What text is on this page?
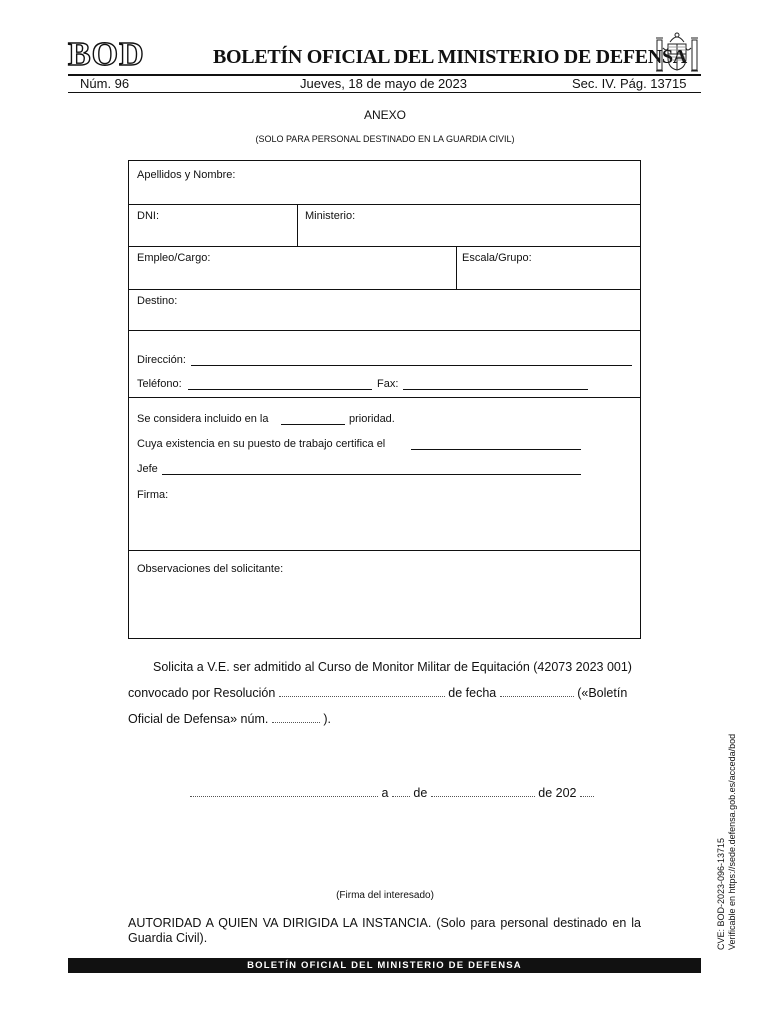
BOD	BOLETÍN OFICIAL DEL MINISTERIO DE DEFENSA
Núm. 96	Jueves, 18 de mayo de 2023	Sec. IV. Pág. 13715
ANEXO
(SOLO PARA PERSONAL DESTINADO EN LA GUARDIA CIVIL)
Apellidos y Nombre:
DNI:	Ministerio:
Empleo/Cargo:	Escala/Grupo:
Destino:
Dirección:
Teléfono:	Fax:
Se considera incluido en la	prioridad.
Cuya existencia en su puesto de trabajo certifica el
Jefe
Firma:
Observaciones del solicitante:
Solicita a V.E. ser admitido al Curso de Monitor Militar de Equitación (42073 2023 001)
convocado por Resolución	de fecha	(«Boletín
Oficial de Defensa» núm.	).
a de	de 202
(Firma del interesado)
AUTORIDAD A QUIEN VA DIRIGIDA LA INSTANCIA. (Solo para personal destinado en la Guardia Civil).
BOLETÍN OFICIAL DEL MINISTERIO DE DEFENSA
CVE: BOD-2023-096-13715 Verificable en https://sede.defensa.gob.es/acceda/bod
